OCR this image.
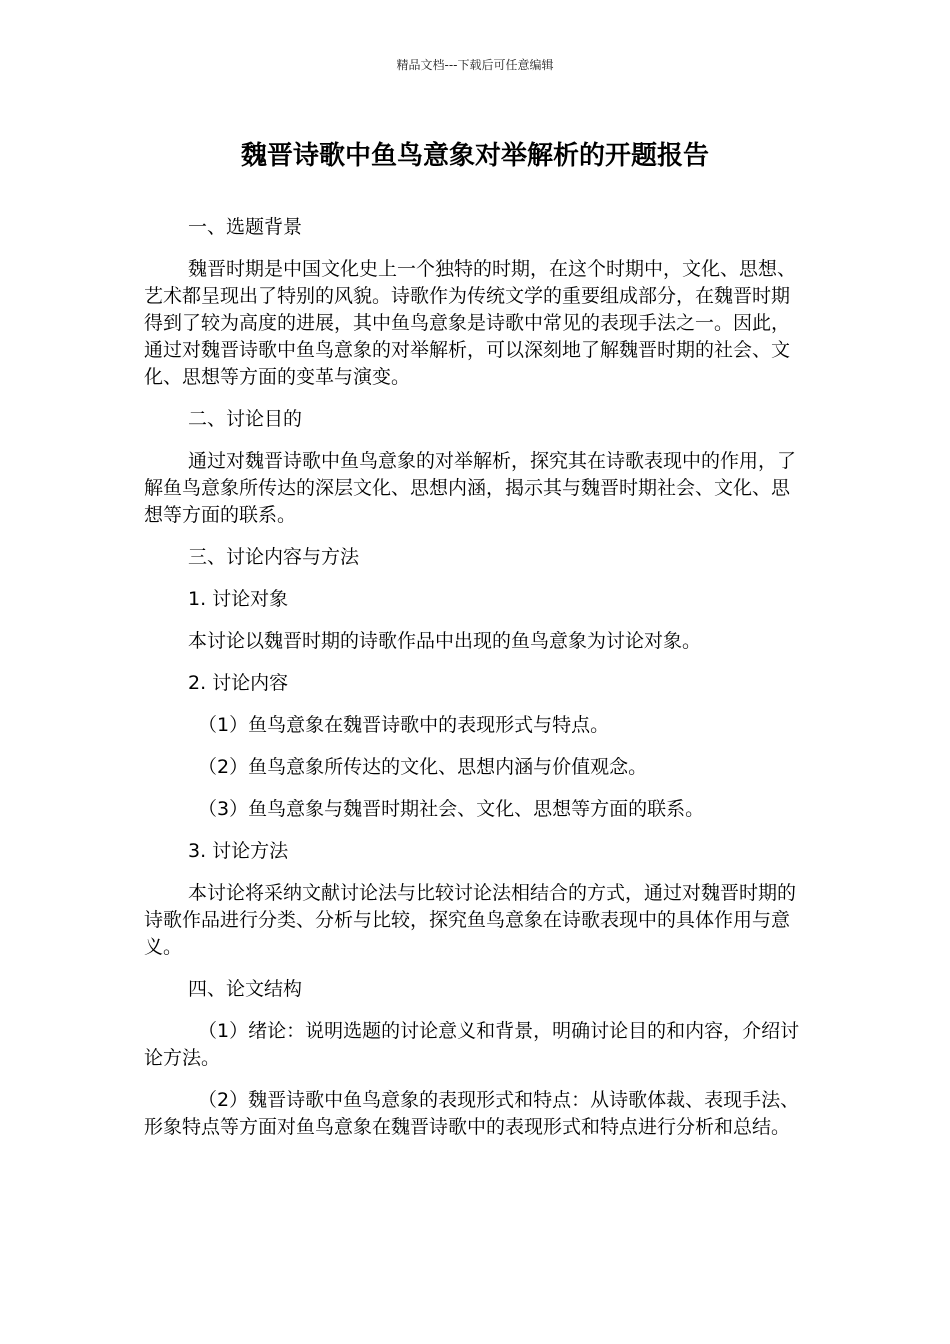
精品文档---下载后可任意编辑
魏晋诗歌中鱼鸟意象对举解析的开题报告

一、选题背景

魏晋时期是中国文化史上一个独特的时期，在这个时期中，文化、思想、艺术都呈现出了特别的风貌。诗歌作为传统文学的重要组成部分，在魏晋时期得到了较为高度的进展，其中鱼鸟意象是诗歌中常见的表现手法之一。因此，通过对魏晋诗歌中鱼鸟意象的对举解析，可以深刻地了解魏晋时期的社会、文化、思想等方面的变革与演变。

二、讨论目的

通过对魏晋诗歌中鱼鸟意象的对举解析，探究其在诗歌表现中的作用，了解鱼鸟意象所传达的深层文化、思想内涵，揭示其与魏晋时期社会、文化、思想等方面的联系。

三、讨论内容与方法

1. 讨论对象

本讨论以魏晋时期的诗歌作品中出现的鱼鸟意象为讨论对象。

2. 讨论内容

（1）鱼鸟意象在魏晋诗歌中的表现形式与特点。

（2）鱼鸟意象所传达的文化、思想内涵与价值观念。

（3）鱼鸟意象与魏晋时期社会、文化、思想等方面的联系。

3. 讨论方法

本讨论将采纳文献讨论法与比较讨论法相结合的方式，通过对魏晋时期的诗歌作品进行分类、分析与比较，探究鱼鸟意象在诗歌表现中的具体作用与意义。

四、论文结构

（1）绪论：说明选题的讨论意义和背景，明确讨论目的和内容，介绍讨论方法。

（2）魏晋诗歌中鱼鸟意象的表现形式和特点：从诗歌体裁、表现手法、形象特点等方面对鱼鸟意象在魏晋诗歌中的表现形式和特点进行分析和总结。
